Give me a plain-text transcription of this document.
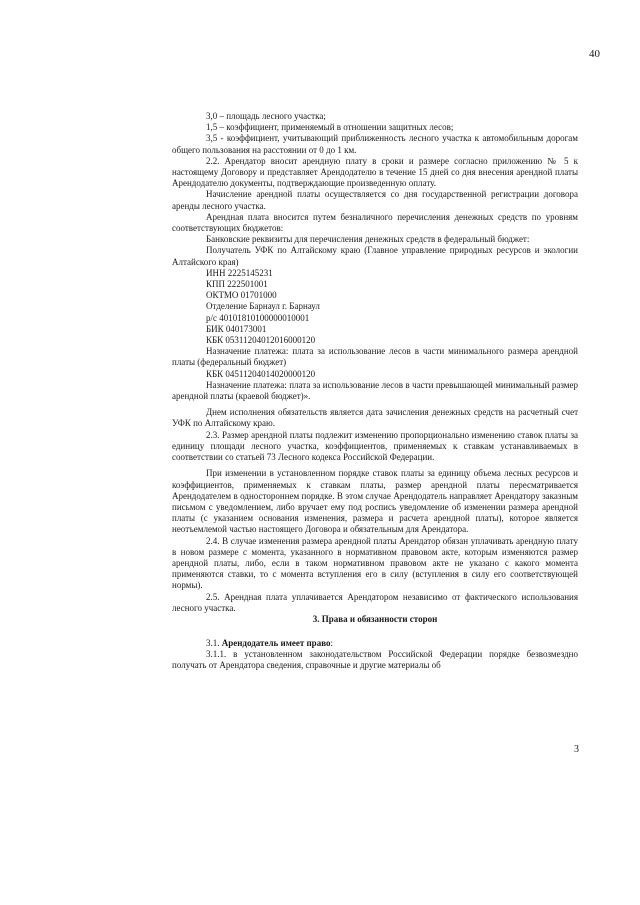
40

3,0 – площадь лесного участка;

1,5 – коэффициент, применяемый в отношении защитных лесов;

3,5 - коэффициент, учитывающий приближенность лесного участка к автомобильным дорогам общего пользования на расстоянии от 0 до 1 км.

2.2. Арендатор вносит арендную плату в сроки и размере согласно приложению № 5 к настоящему Договору и представляет Арендодателю в течение 15 дней со дня внесения арендной платы Арендодателю документы, подтверждающие произведенную оплату.

Начисление арендной платы осуществляется со дня государственной регистрации договора аренды лесного участка.

Арендная плата вносится путем безналичного перечисления денежных средств по уровням соответствующих бюджетов:

Банковские реквизиты для перечисления денежных средств в федеральный бюджет:

Получатель УФК по Алтайскому краю (Главное управление природных ресурсов и экологии Алтайского края)

ИНН 2225145231

КПП 222501001

ОКТМО 01701000

Отделение Барнаул г. Барнаул

р/с 40101810100000010001

БИК 040173001

КБК 05311204012016000120

Назначение платежа: плата за использование лесов в части минимального размера арендной платы (федеральный бюджет)

КБК 04511204014020000120

Назначение платежа: плата за использование лесов в части превышающей минимальный размер арендной платы (краевой бюджет)».

Днем исполнения обязательств является дата зачисления денежных средств на расчетный счет УФК по Алтайскому краю.

2.3. Размер арендной платы подлежит изменению пропорционально изменению ставок платы за единицу площади лесного участка, коэффициентов, применяемых к ставкам устанавливаемых в соответствии со статьей 73 Лесного кодекса Российской Федерации.

При изменении в установленном порядке ставок платы за единицу объема лесных ресурсов и коэффициентов, применяемых к ставкам платы, размер арендной платы пересматривается Арендодателем в одностороннем порядке. В этом случае Арендодатель направляет Арендатору заказным письмом с уведомлением, либо вручает ему под роспись уведомление об изменении размера арендной платы (с указанием основания изменения, размера и расчета арендной платы), которое является неотъемлемой частью настоящего Договора и обязательным для Арендатора.

2.4. В случае изменения размера арендной платы Арендатор обязан уплачивать арендную плату в новом размере с момента, указанного в нормативном правовом акте, которым изменяются размер арендной платы, либо, если в таком нормативном правовом акте не указано с какого момента применяются ставки, то с момента вступления его в силу (вступления в силу его соответствующей нормы).

2.5. Арендная плата уплачивается Арендатором независимо от фактического использования лесного участка.

3. Права и обязанности сторон

3.1. Арендодатель имеет право:

3.1.1. в установленном законодательством Российской Федерации порядке безвозмездно получать от Арендатора сведения, справочные и другие материалы об

3
